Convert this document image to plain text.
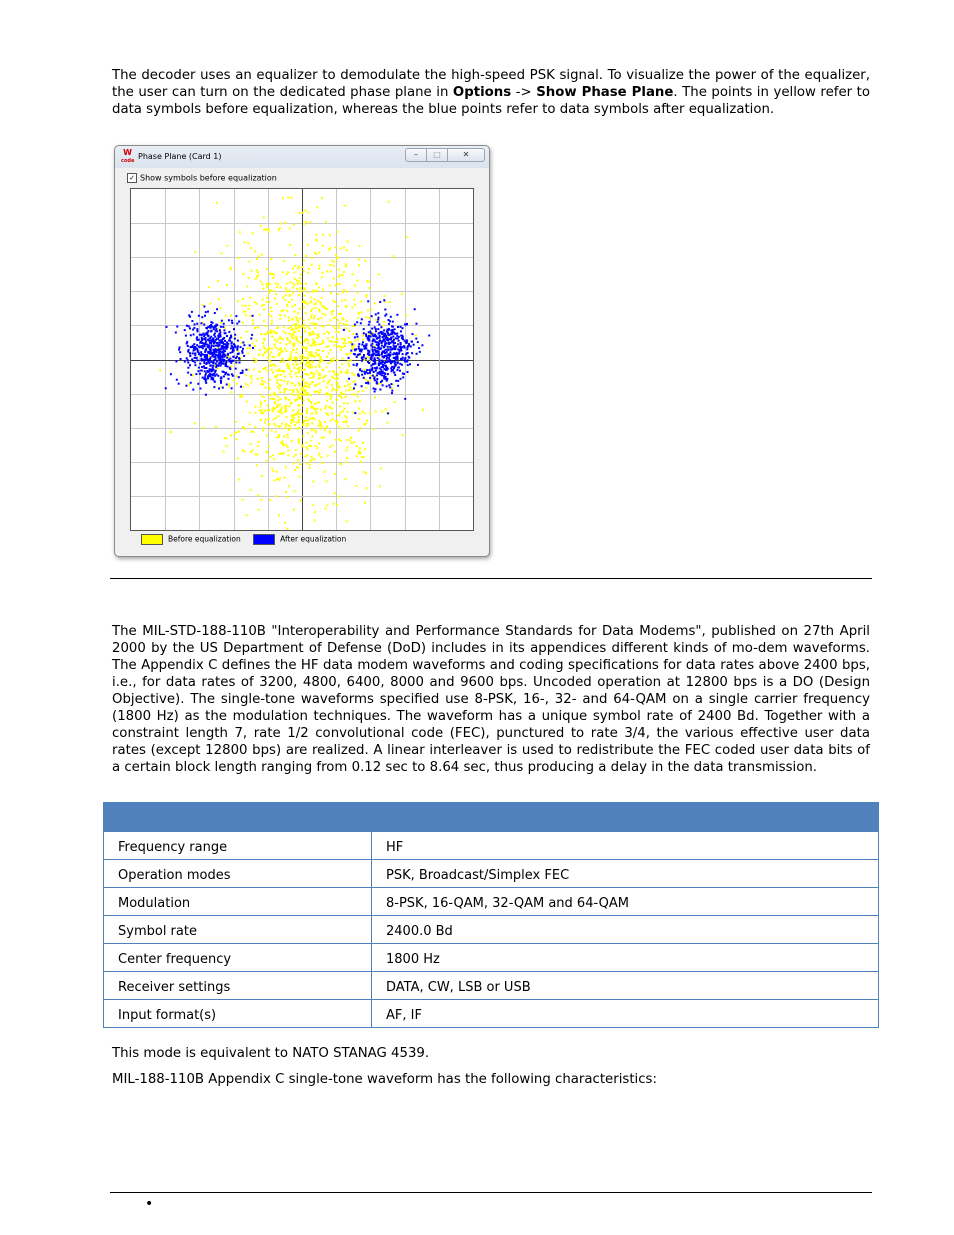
The decoder uses an equalizer to demodulate the high-speed PSK signal. To visualize the power of the equalizer, the user can turn on the dedicated phase plane in Options -> Show Phase Plane. The points in yellow refer to data symbols before equalization, whereas the blue points refer to data symbols after equalization.

W
code Phase Plane (Card 1)	–	□	✕
✓ Show symbols before equalization
Before equalization	After equalization

The MIL-STD-188-110B "Interoperability and Performance Standards for Data Modems", published on 27th April 2000 by the US Department of Defense (DoD) includes in its appendices different kinds of mo-dem waveforms. The Appendix C defines the HF data modem waveforms and coding specifications for data rates above 2400 bps, i.e., for data rates of 3200, 4800, 6400, 8000 and 9600 bps. Uncoded operation at 12800 bps is a DO (Design Objective). The single-tone waveforms specified use 8-PSK, 16-, 32- and 64-QAM on a single carrier frequency (1800 Hz) as the modulation techniques. The waveform has a unique symbol rate of 2400 Bd. Together with a constraint length 7, rate 1/2 convolutional code (FEC), punctured to rate 3/4, the various effective user data rates (except 12800 bps) are realized. A linear interleaver is used to redistribute the FEC coded user data bits of a certain block length ranging from 0.12 sec to 8.64 sec, thus producing a delay in the data transmission.

Frequency range	HF
Operation modes	PSK, Broadcast/Simplex FEC
Modulation	8-PSK, 16-QAM, 32-QAM and 64-QAM
Symbol rate	2400.0 Bd
Center frequency	1800 Hz
Receiver settings	DATA, CW, LSB or USB
Input format(s)	AF, IF

This mode is equivalent to NATO STANAG 4539.

MIL-188-110B Appendix C single-tone waveform has the following characteristics:

•
